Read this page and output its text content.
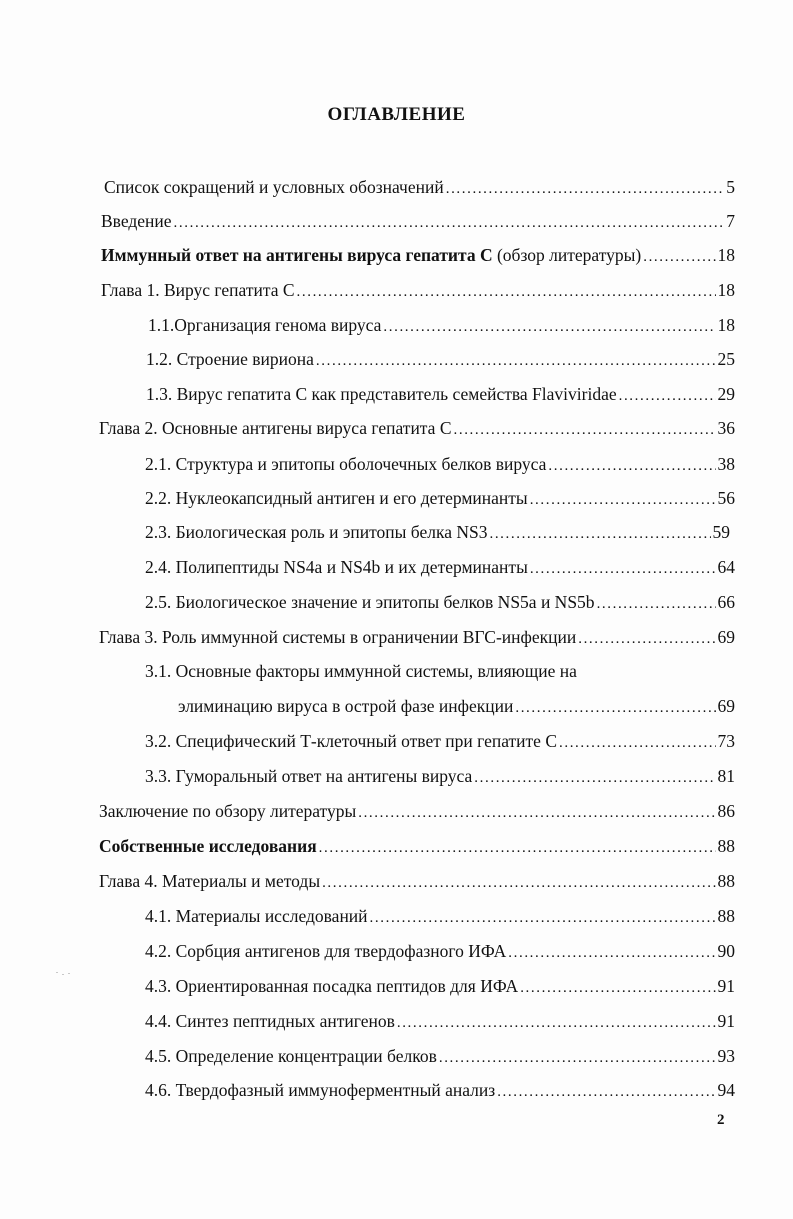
ОГЛАВЛЕНИЕ
Список сокращений и условных обозначений .....	5
Введение .....	7
Иммунный ответ на антигены вируса гепатита С (обзор литературы) .....	18
Глава 1. Вирус гепатита С .....	18
1.1.Организация генома вируса .....	18
1.2. Строение вириона .....	25
1.3. Вирус гепатита С как представитель семейства Flaviviridae .....	29
Глава 2. Основные антигены вируса гепатита С .....	36
2.1. Структура и эпитопы оболочечных белков вируса .....	38
2.2. Нуклеокапсидный антиген и его детерминанты .....	56
2.3. Биологическая роль и эпитопы белка NS3 .....	59
2.4. Полипептиды NS4a и NS4b и их детерминанты .....	64
2.5. Биологическое значение и эпитопы белков NS5a и NS5b .....	66
Глава 3. Роль иммунной системы в ограничении ВГС-инфекции .....	69
3.1. Основные факторы иммунной системы, влияющие на
элиминацию вируса в острой фазе инфекции .....	69
3.2. Специфический Т-клеточный ответ при гепатите С .....	73
3.3. Гуморальный ответ на антигены вируса .....	81
Заключение по обзору литературы .....	86
Собственные исследования .....	88
Глава 4. Материалы и методы .....	88
4.1. Материалы исследований .....	88
4.2. Сорбция антигенов для твердофазного ИФА .....	90
4.3. Ориентированная посадка пептидов для ИФА .....	91
4.4. Синтез пептидных антигенов .....	91
4.5. Определение концентрации белков .....	93
4.6. Твердофазный иммуноферментный анализ .....	94
2
